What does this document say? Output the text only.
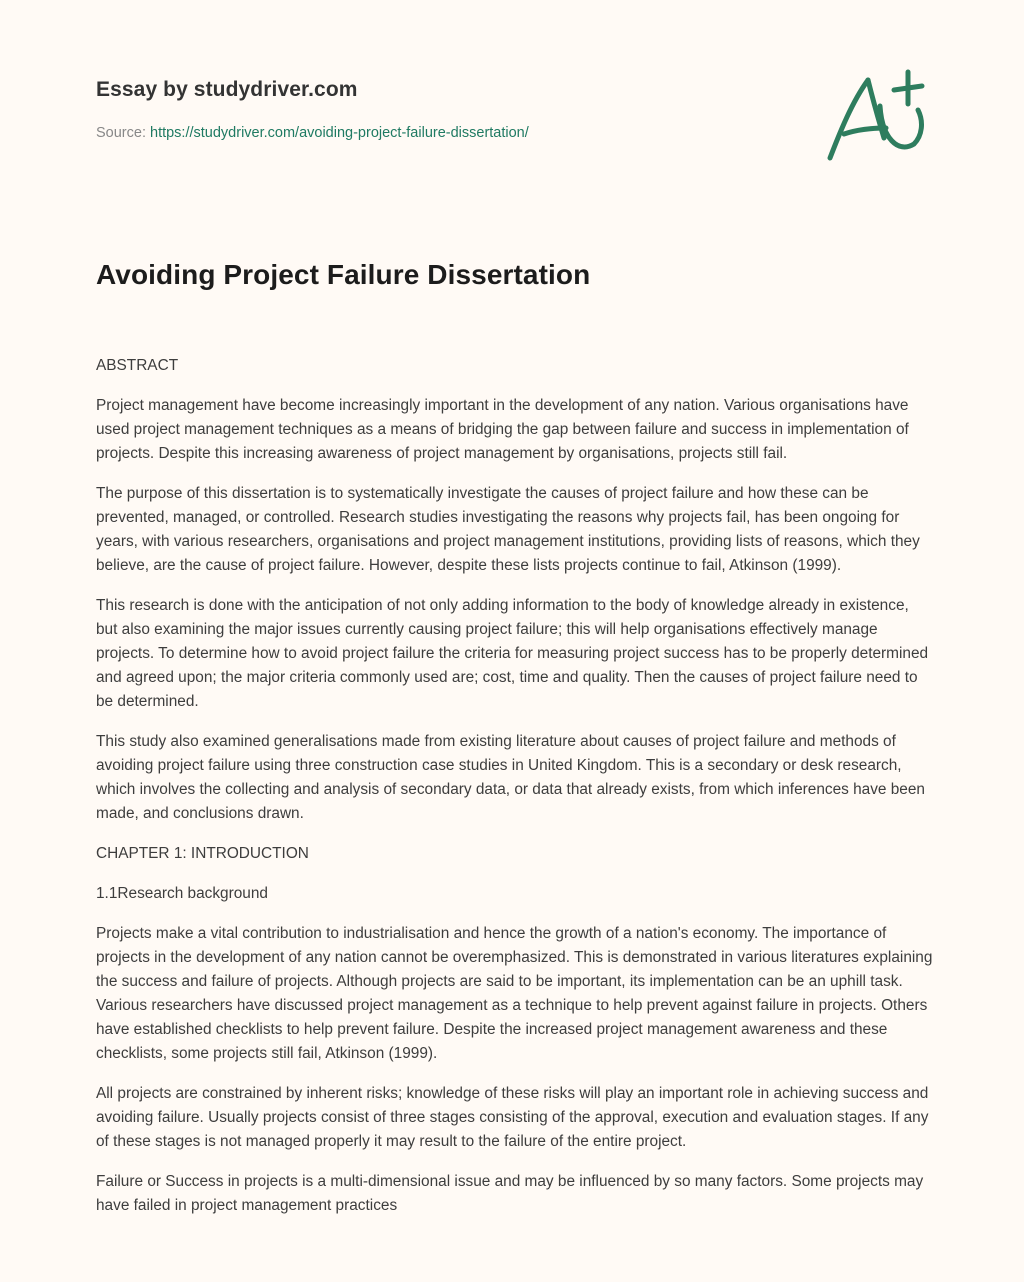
Essay by studydriver.com
Source: https://studydriver.com/avoiding-project-failure-dissertation/
Avoiding Project Failure Dissertation

ABSTRACT

Project management have become increasingly important in the development of any nation. Various organisations have used project management techniques as a means of bridging the gap between failure and success in implementation of projects. Despite this increasing awareness of project management by organisations, projects still fail.

The purpose of this dissertation is to systematically investigate the causes of project failure and how these can be prevented, managed, or controlled. Research studies investigating the reasons why projects fail, has been ongoing for years, with various researchers, organisations and project management institutions, providing lists of reasons, which they believe, are the cause of project failure. However, despite these lists projects continue to fail, Atkinson (1999).

This research is done with the anticipation of not only adding information to the body of knowledge already in existence, but also examining the major issues currently causing project failure; this will help organisations effectively manage projects. To determine how to avoid project failure the criteria for measuring project success has to be properly determined and agreed upon; the major criteria commonly used are; cost, time and quality. Then the causes of project failure need to be determined.

This study also examined generalisations made from existing literature about causes of project failure and methods of avoiding project failure using three construction case studies in United Kingdom. This is a secondary or desk research, which involves the collecting and analysis of secondary data, or data that already exists, from which inferences have been made, and conclusions drawn.

CHAPTER 1: INTRODUCTION

1.1Research background

Projects make a vital contribution to industrialisation and hence the growth of a nation's economy. The importance of projects in the development of any nation cannot be overemphasized. This is demonstrated in various literatures explaining the success and failure of projects. Although projects are said to be important, its implementation can be an uphill task. Various researchers have discussed project management as a technique to help prevent against failure in projects. Others have established checklists to help prevent failure. Despite the increased project management awareness and these checklists, some projects still fail, Atkinson (1999).

All projects are constrained by inherent risks; knowledge of these risks will play an important role in achieving success and avoiding failure. Usually projects consist of three stages consisting of the approval, execution and evaluation stages. If any of these stages is not managed properly it may result to the failure of the entire project.

Failure or Success in projects is a multi-dimensional issue and may be influenced by so many factors. Some projects may have failed in project management practices
